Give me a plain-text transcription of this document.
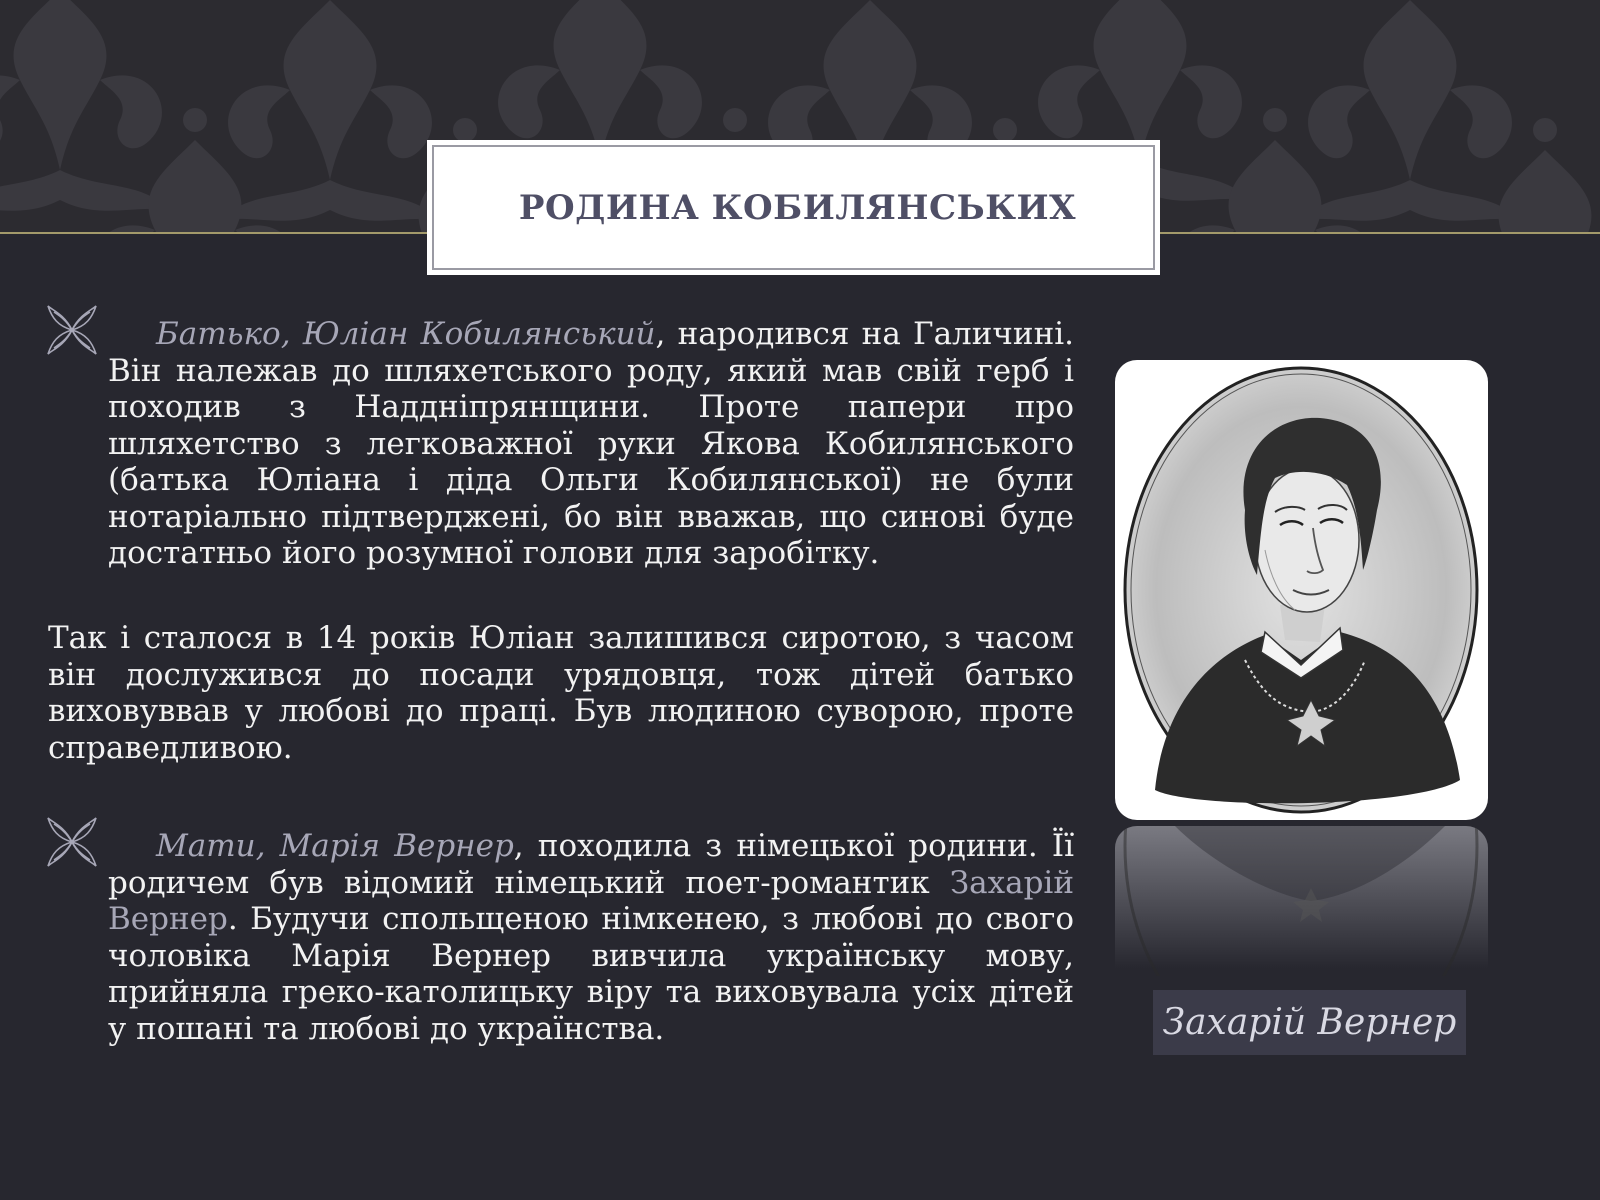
РОДИНА КОБИЛЯНСЬКИХ

Батько, Юліан Кобилянський, народився на Галичині. Він належав до шляхетського роду, який мав свій герб і походив з Наддніпрянщини. Проте папери про шляхетство з легковажної руки Якова Кобилянського (батька Юліана і діда Ольги Кобилянської) не були нотаріально підтверджені, бо він вважав, що синові буде достатньо його розумної голови для заробітку.

Так і сталося в 14 років Юліан залишився сиротою, з часом він дослужився до посади урядовця, тож дітей батько виховуввав у любові до праці. Був людиною суворою, проте справедливою.

Мати, Марія Вернер, походила з німецької родини. Її родичем був відомий німецький поет-романтик Захарій Вернер. Будучи спольщеною німкенею, з любові до свого чоловіка Марія Вернер вивчила українську мову, прийняла греко-католицьку віру та виховувала усіх дітей у пошані та любові до українства.	Захарій Вернер
